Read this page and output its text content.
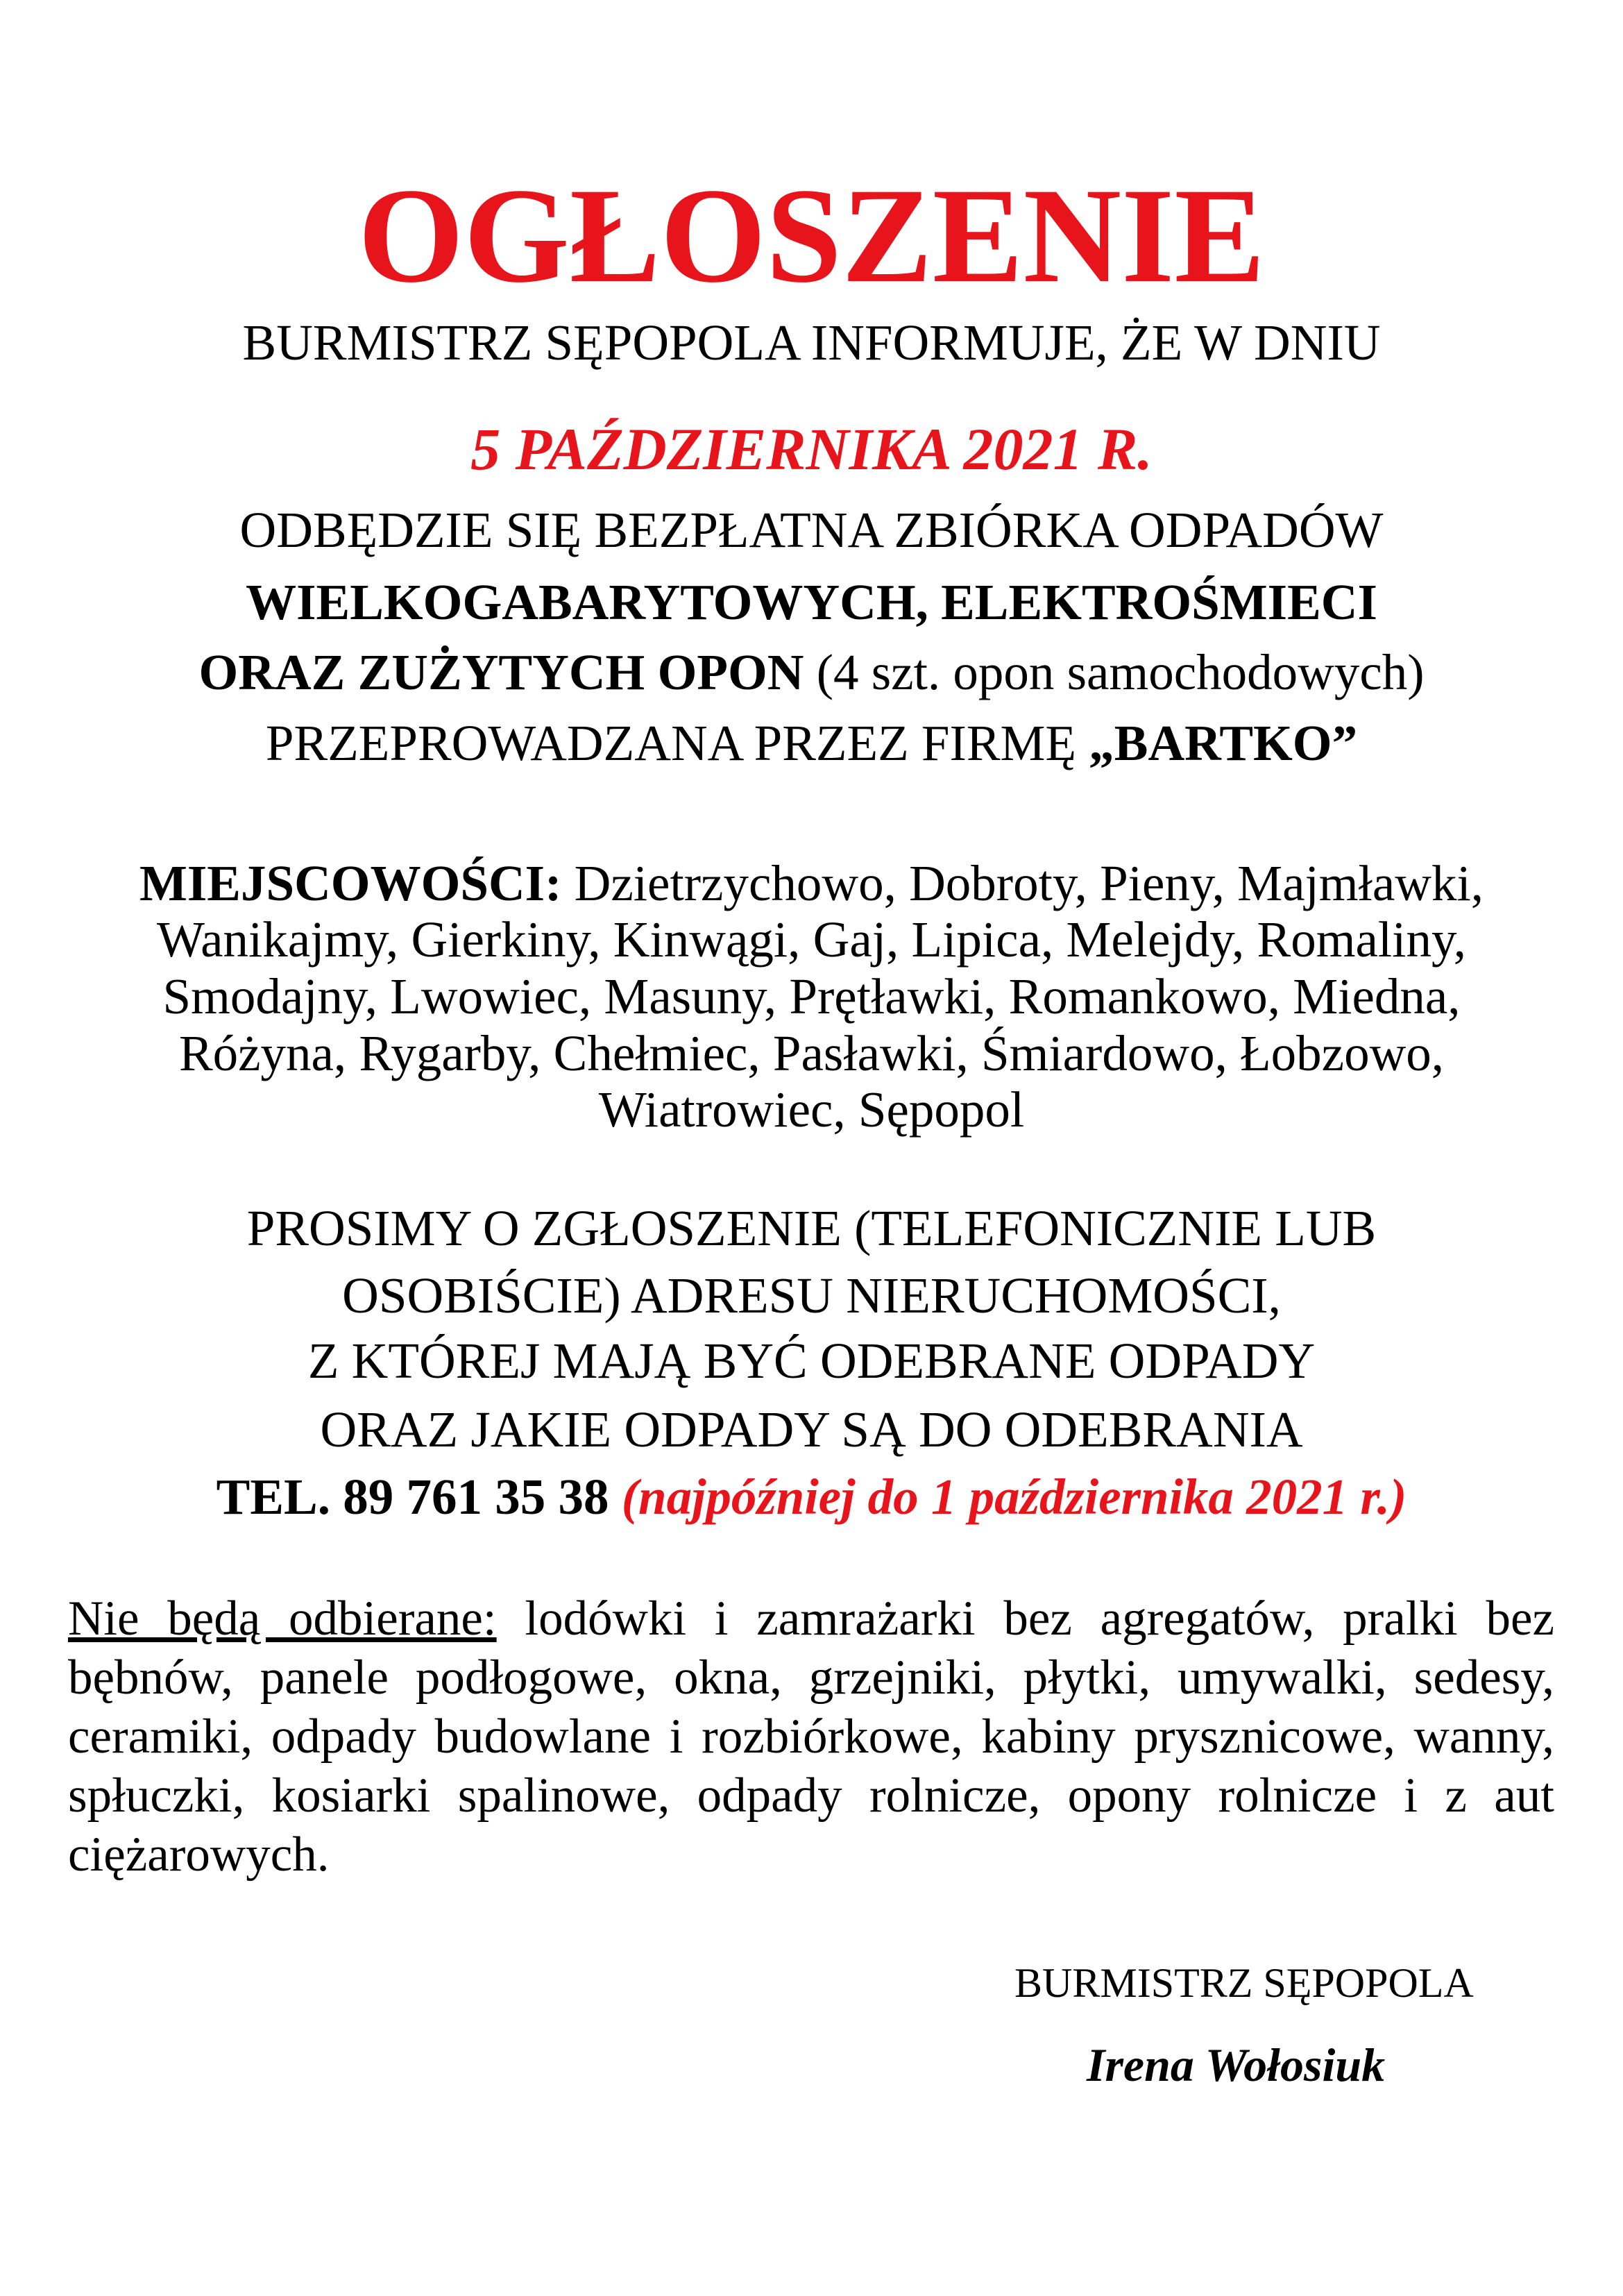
OGŁOSZENIE
BURMISTRZ SĘPOPOLA INFORMUJE, ŻE W DNIU
5 PAŹDZIERNIKA 2021 R.
ODBĘDZIE SIĘ BEZPŁATNA ZBIÓRKA ODPADÓW
WIELKOGABARYTOWYCH, ELEKTROŚMIECI
ORAZ ZUŻYTYCH OPON (4 szt. opon samochodowych)
PRZEPROWADZANA PRZEZ FIRMĘ „BARTKO”
MIEJSCOWOŚCI: Dzietrzychowo, Dobroty, Pieny, Majmławki,
Wanikajmy, Gierkiny, Kinwągi, Gaj, Lipica, Melejdy, Romaliny,
Smodajny, Lwowiec, Masuny, Prętławki, Romankowo, Miedna,
Różyna, Rygarby, Chełmiec, Pasławki, Śmiardowo, Łobzowo,
Wiatrowiec, Sępopol
PROSIMY O ZGŁOSZENIE (TELEFONICZNIE LUB
OSOBIŚCIE) ADRESU NIERUCHOMOŚCI,
Z KTÓREJ MAJĄ BYĆ ODEBRANE ODPADY
ORAZ JAKIE ODPADY SĄ DO ODEBRANIA
TEL. 89 761 35 38 (najpóźniej do 1 października 2021 r.)
Nie będą odbierane: lodówki i zamrażarki bez agregatów, pralki bez bębnów, panele podłogowe, okna, grzejniki, płytki, umywalki, sedesy, ceramiki, odpady budowlane i rozbiórkowe, kabiny prysznicowe, wanny, spłuczki, kosiarki spalinowe, odpady rolnicze, opony rolnicze i z aut ciężarowych.
BURMISTRZ SĘPOPOLA
Irena Wołosiuk
